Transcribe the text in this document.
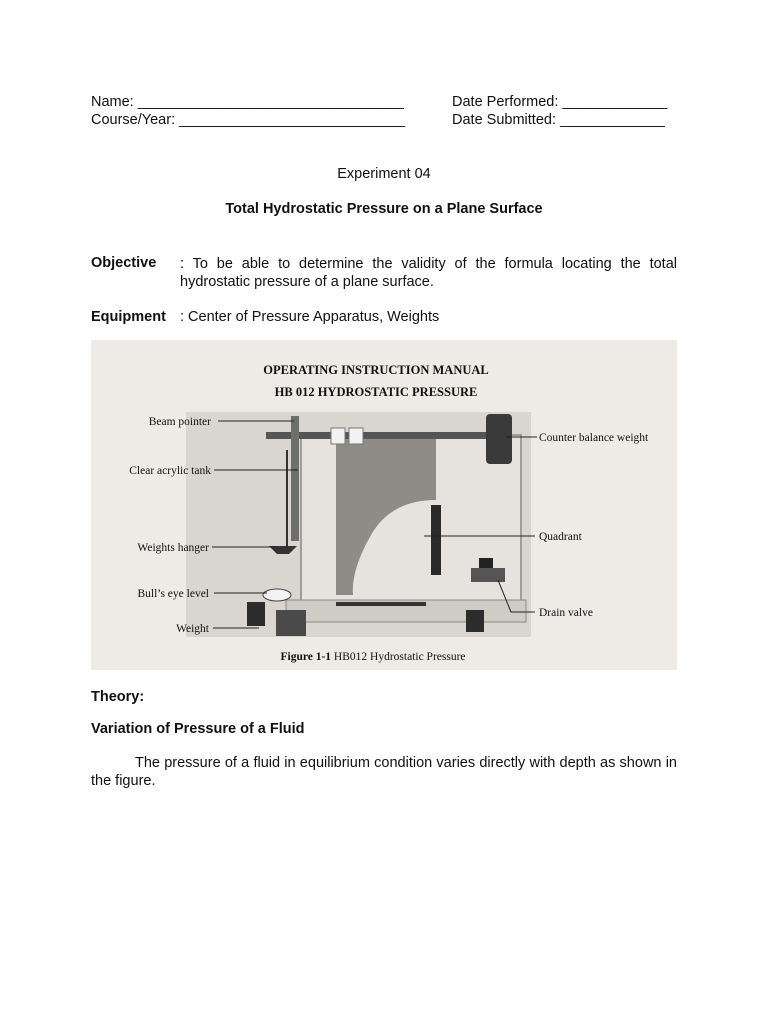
Name: _________________________________	Date Performed: _____________
Course/Year: ____________________________	Date Submitted: _____________
Experiment 04
Total Hydrostatic Pressure on a Plane Surface
Objective : To be able to determine the validity of the formula locating the total hydrostatic pressure of a plane surface.
Equipment : Center of Pressure Apparatus, Weights
OPERATING INSTRUCTION MANUAL
HB 012 HYDROSTATIC PRESSURE
Beam pointer
Clear acrylic tank
Weights hanger
Bull’s eye level
Weight
Counter balance weight
Quadrant
Drain valve
Figure 1-1 HB012 Hydrostatic Pressure
Theory:
Variation of Pressure of a Fluid
The pressure of a fluid in equilibrium condition varies directly with depth as shown in the figure.
